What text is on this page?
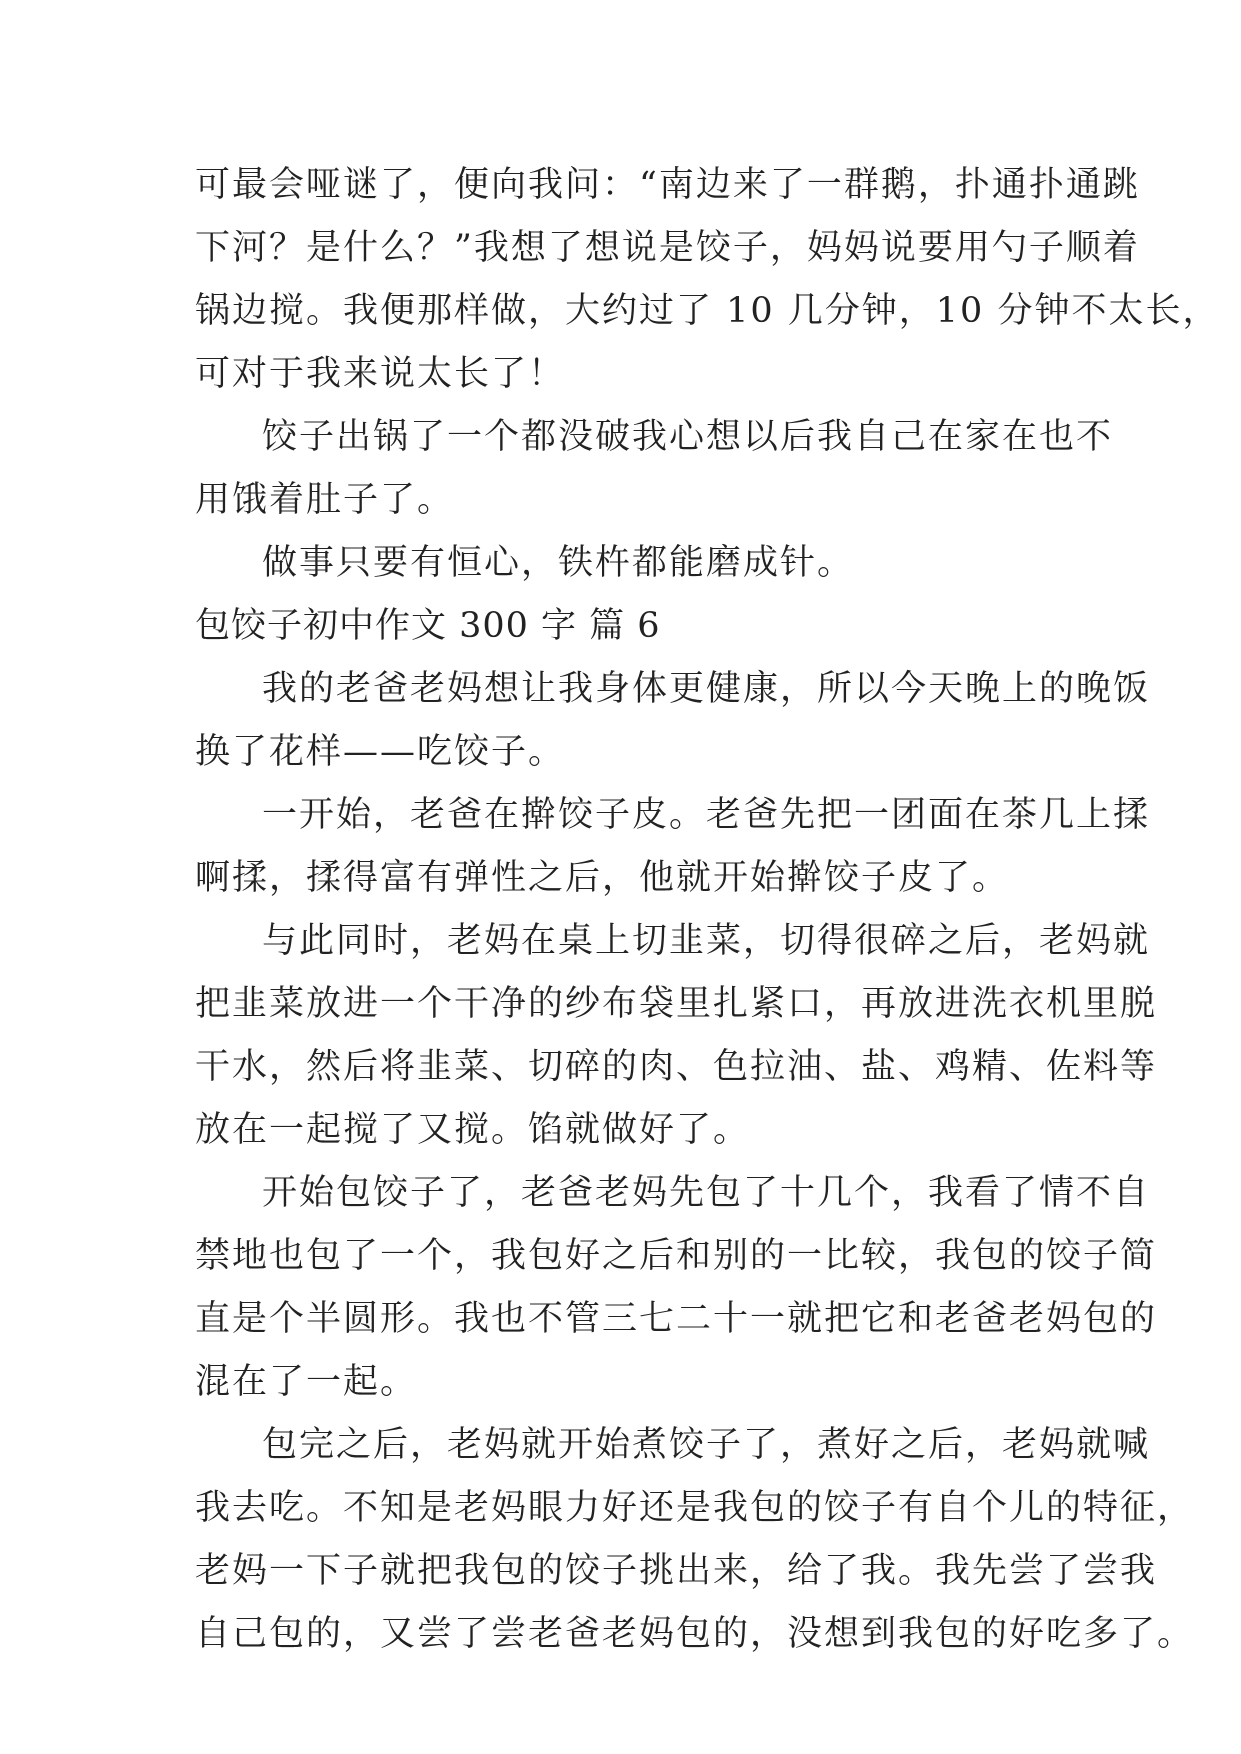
可最会哑谜了，便向我问：“南边来了一群鹅，扑通扑通跳
下河？是什么？”我想了想说是饺子，妈妈说要用勺子顺着
锅边搅。我便那样做，大约过了 10 几分钟，10 分钟不太长，
可对于我来说太长了！
饺子出锅了一个都没破我心想以后我自己在家在也不
用饿着肚子了。
做事只要有恒心，铁杵都能磨成针。
包饺子初中作文 300 字 篇 6
我的老爸老妈想让我身体更健康，所以今天晚上的晚饭
换了花样——吃饺子。
一开始，老爸在擀饺子皮。老爸先把一团面在茶几上揉
啊揉，揉得富有弹性之后，他就开始擀饺子皮了。
与此同时，老妈在桌上切韭菜，切得很碎之后，老妈就
把韭菜放进一个干净的纱布袋里扎紧口，再放进洗衣机里脱
干水，然后将韭菜、切碎的肉、色拉油、盐、鸡精、佐料等
放在一起搅了又搅。馅就做好了。
开始包饺子了，老爸老妈先包了十几个，我看了情不自
禁地也包了一个，我包好之后和别的一比较，我包的饺子简
直是个半圆形。我也不管三七二十一就把它和老爸老妈包的
混在了一起。
包完之后，老妈就开始煮饺子了，煮好之后，老妈就喊
我去吃。不知是老妈眼力好还是我包的饺子有自个儿的特征，
老妈一下子就把我包的饺子挑出来，给了我。我先尝了尝我
自己包的，又尝了尝老爸老妈包的，没想到我包的好吃多了。
